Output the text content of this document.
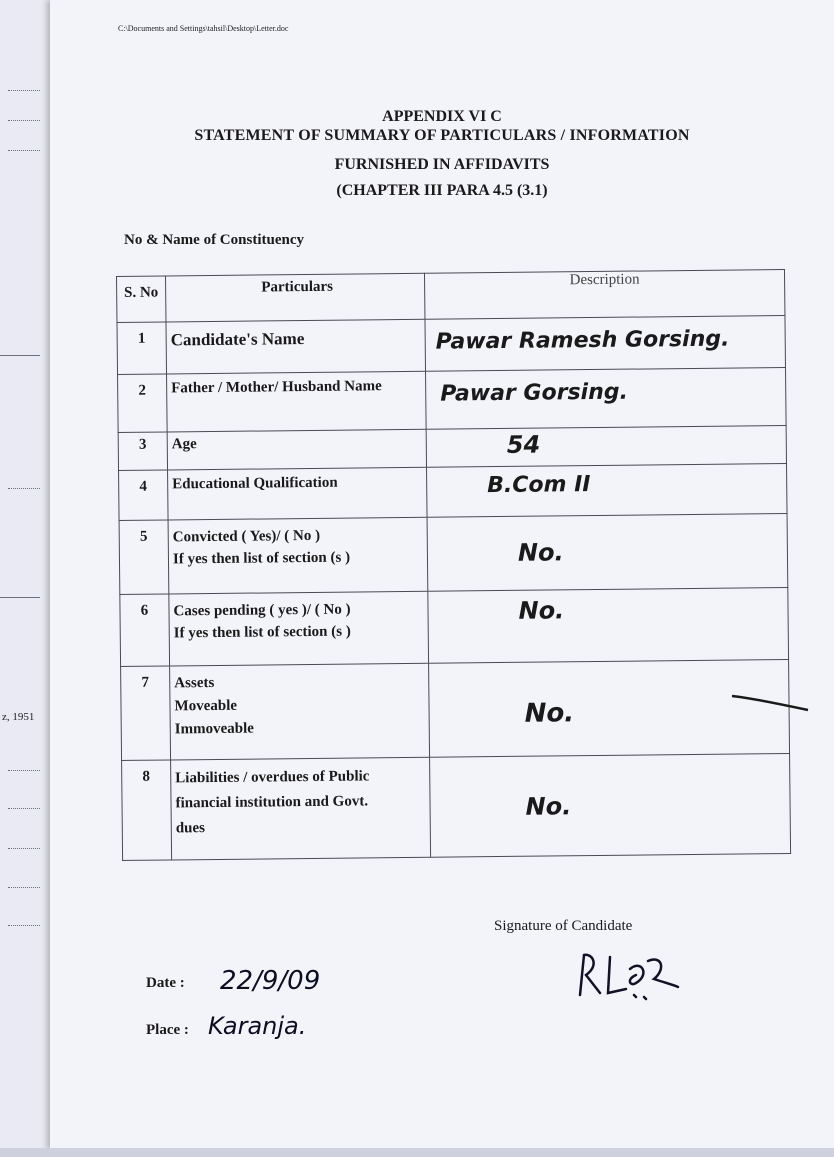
z, 1951
C:\Documents and Settings\tahsil\Desktop\Letter.doc
APPENDIX VI C
STATEMENT OF SUMMARY OF PARTICULARS / INFORMATION
FURNISHED IN AFFIDAVITS
(CHAPTER III PARA 4.5 (3.1)
No & Name of Constituency
S. No	Particulars	Description
1	Candidate's Name	Pawar Ramesh Gorsing.
2	Father / Mother/ Husband Name	Pawar Gorsing.
3	Age	54
4	Educational Qualification	B.Com II
5	Convicted ( Yes)/ ( No )
If yes then list of section (s )	No.
6	Cases pending ( yes )/ ( No )
If yes then list of section (s )	No.
7	Assets
Moveable
Immoveable	No.
8	Liabilities / overdues of Public
financial institution and Govt.
dues	No.
Signature of Candidate
Date : 22/9/09
Place : Karanja.
